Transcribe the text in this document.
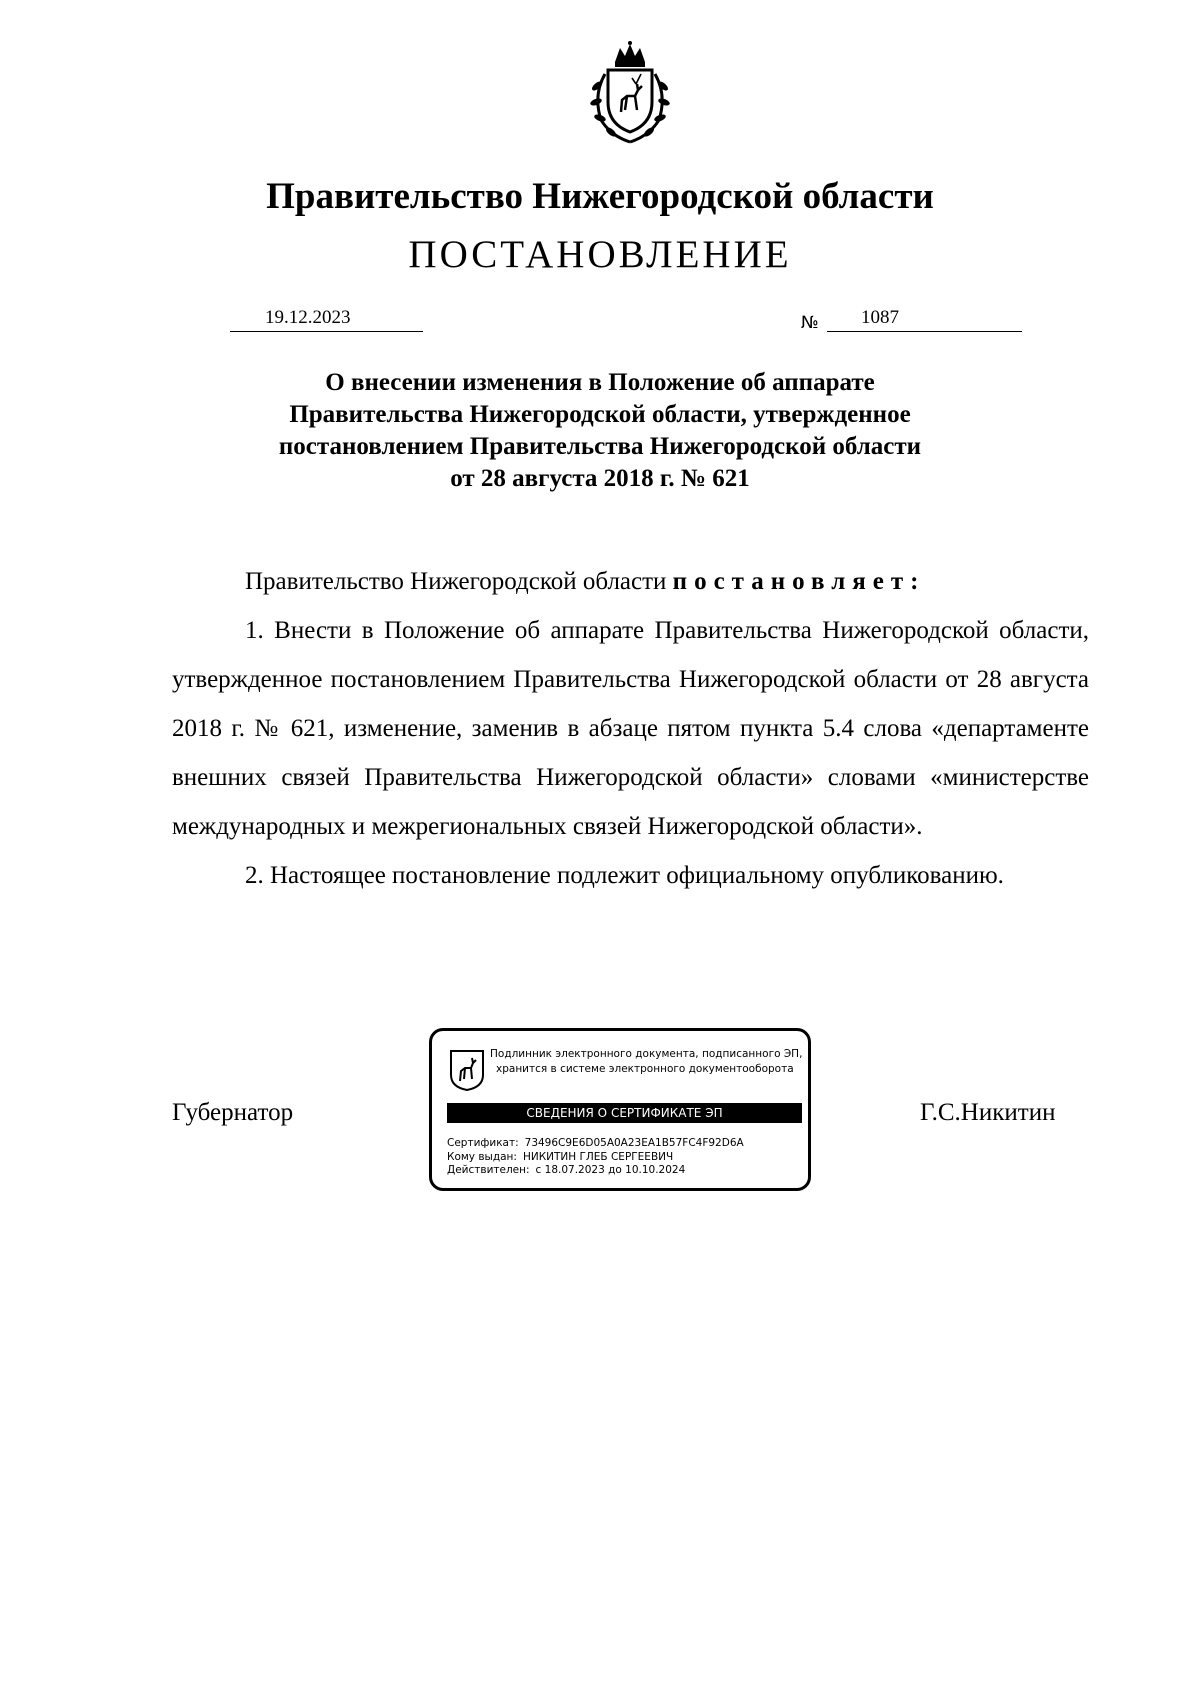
Правительство Нижегородской области
ПОСТАНОВЛЕНИЕ
19.12.2023	№ 1087
О внесении изменения в Положение об аппарате
Правительства Нижегородской области, утвержденное
постановлением Правительства Нижегородской области
от 28 августа 2018 г. № 621

Правительство Нижегородской области постановляет:

1. Внести в Положение об аппарате Правительства Нижегородской области, утвержденное постановлением Правительства Нижегородской области от 28 августа 2018 г. № 621, изменение, заменив в абзаце пятом пункта 5.4 слова «департаменте внешних связей Правительства Нижегородской области» словами «министерстве международных и межрегиональных связей Нижегородской области».

2. Настоящее постановление подлежит официальному опубликованию.

Губернатор	Г.С.Никитин
Подлинник электронного документа, подписанного ЭП,
хранится в системе электронного документооборота
СВЕДЕНИЯ О СЕРТИФИКАТЕ ЭП
Сертификат: 73496C9E6D05A0A23EA1B57FC4F92D6A
Кому выдан: НИКИТИН ГЛЕБ СЕРГЕЕВИЧ
Действителен: с 18.07.2023 до 10.10.2024
